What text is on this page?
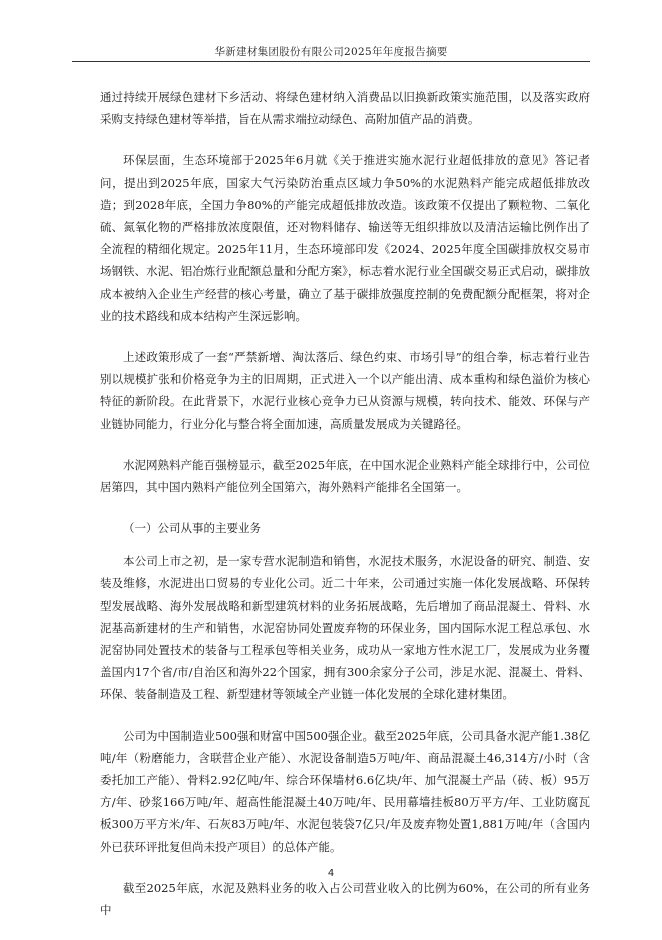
华新建材集团股份有限公司2025年年度报告摘要

通过持续开展绿色建材下乡活动、将绿色建材纳入消费品以旧换新政策实施范围，以及落实政府采购支持绿色建材等举措，旨在从需求端拉动绿色、高附加值产品的消费。

环保层面，生态环境部于2025年6月就《关于推进实施水泥行业超低排放的意见》答记者问，提出到2025年底，国家大气污染防治重点区域力争50%的水泥熟料产能完成超低排放改造；到2028年底，全国力争80%的产能完成超低排放改造。该政策不仅提出了颗粒物、二氧化硫、氮氧化物的严格排放浓度限值，还对物料储存、输送等无组织排放以及清洁运输比例作出了全流程的精细化规定。2025年11月，生态环境部印发《2024、2025年度全国碳排放权交易市场钢铁、水泥、铝冶炼行业配额总量和分配方案》，标志着水泥行业全国碳交易正式启动，碳排放成本被纳入企业生产经营的核心考量，确立了基于碳排放强度控制的免费配额分配框架，将对企业的技术路线和成本结构产生深远影响。

上述政策形成了一套“严禁新增、淘汰落后、绿色约束、市场引导”的组合拳，标志着行业告别以规模扩张和价格竞争为主的旧周期，正式进入一个以产能出清、成本重构和绿色溢价为核心特征的新阶段。在此背景下，水泥行业核心竞争力已从资源与规模，转向技术、能效、环保与产业链协同能力，行业分化与整合将全面加速，高质量发展成为关键路径。

水泥网熟料产能百强榜显示，截至2025年底，在中国水泥企业熟料产能全球排行中，公司位居第四，其中国内熟料产能位列全国第六，海外熟料产能排名全国第一。

（一）公司从事的主要业务

本公司上市之初，是一家专营水泥制造和销售，水泥技术服务，水泥设备的研究、制造、安装及维修，水泥进出口贸易的专业化公司。近二十年来，公司通过实施一体化发展战略、环保转型发展战略、海外发展战略和新型建筑材料的业务拓展战略，先后增加了商品混凝土、骨料、水泥基高新建材的生产和销售，水泥窑协同处置废弃物的环保业务，国内国际水泥工程总承包、水泥窑协同处置技术的装备与工程承包等相关业务，成功从一家地方性水泥工厂，发展成为业务覆盖国内17个省/市/自治区和海外22个国家，拥有300余家分子公司，涉足水泥、混凝土、骨料、环保、装备制造及工程、新型建材等领域全产业链一体化发展的全球化建材集团。

公司为中国制造业500强和财富中国500强企业。截至2025年底，公司具备水泥产能1.38亿吨/年（粉磨能力，含联营企业产能）、水泥设备制造5万吨/年、商品混凝土46,314方/小时（含委托加工产能）、骨料2.92亿吨/年、综合环保墙材6.6亿块/年、加气混凝土产品（砖、板）95万方/年、砂浆166万吨/年、超高性能混凝土40万吨/年、民用幕墙挂板80万平方/年、工业防腐瓦板300万平方米/年、石灰83万吨/年、水泥包装袋7亿只/年及废弃物处置1,881万吨/年（含国内外已获环评批复但尚未投产项目）的总体产能。

截至2025年底，水泥及熟料业务的收入占公司营业收入的比例为60%，在公司的所有业务中

4
